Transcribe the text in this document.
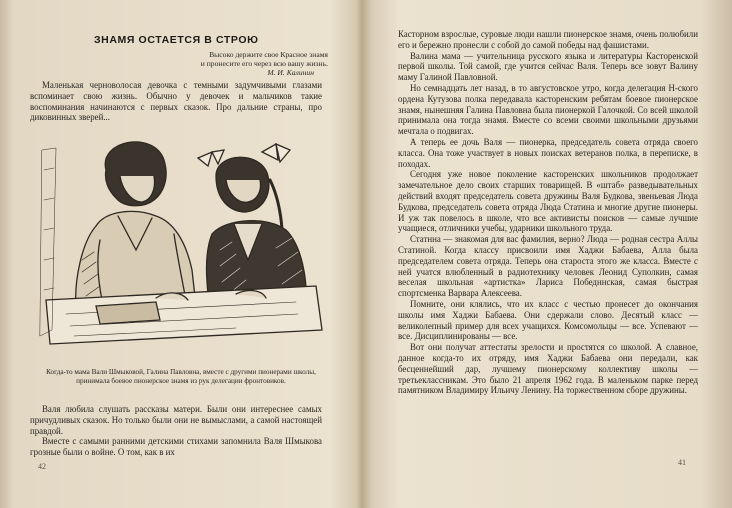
ЗНАМЯ ОСТАЕТСЯ В СТРОЮ
Высоко держите свое Красное знамя
и пронесите его через всю вашу жизнь.
М. И. Калинин

Маленькая черноволосая девочка с темными задумчивыми глазами вспоминает свою жизнь. Обычно у девочек и мальчиков такие воспоминания начинаются с первых сказок. Про дальние страны, про диковинных зверей...

Когда-то мама Вали Шмыковой, Галина Павловна, вместе с другими пионерами школы, принимала боевое пионерское знамя из рук делегации фронтовиков.

Валя любила слушать рассказы матери. Были они интереснее самых причудливых сказок. Но только были они не вымыслами, а самой настоящей правдой.

Вместе с самыми ранними детскими стихами запомнила Валя Шмыкова грозные были о войне. О том, как в их

42

Касторном взрослые, суровые люди нашли пионерское знамя, очень полюбили его и бережно пронесли с собой до самой победы над фашистами.

Валина мама — учительница русского языка и литературы Касторенской первой школы. Той самой, где учится сейчас Валя. Теперь все зовут Валину маму Галиной Павловной.

Но семнадцать лет назад, в то августовское утро, когда делегация Н-ского ордена Кутузова полка передавала касторенским ребятам боевое пионерское знамя, нынешняя Галина Павловна была пионеркой Галочкой. Со всей школой принимала она тогда знамя. Вместе со всеми своими школьными друзьями мечтала о подвигах.

А теперь ее дочь Валя — пионерка, председатель совета отряда своего класса. Она тоже участвует в новых поисках ветеранов полка, в переписке, в походах.

Сегодня уже новое поколение касторенских школьников продолжает замечательное дело своих старших товарищей. В «штаб» разведывательных действий входят председатель совета дружины Валя Будкова, звеньевая Люда Будкова, председатель совета отряда Люда Статина и многие другие пионеры. И уж так повелось в школе, что все активисты поисков — самые лучшие учащиеся, отличники учебы, ударники школьного труда.

Статнна — знакомая для вас фамилия, верно? Люда — родная сестра Аллы Статиной. Когда классу присвоили имя Хаджи Бабаева, Алла была председателем совета отряда. Теперь она староста этого же класса. Вместе с ней учатся влюбленный в радиотехнику человек Леонид Суполкин, самая веселая школьная «артистка» Лариса Победннская, самая быстрая спортсменка Варвара Алексеева.

Помните, они клялись, что их класс с честью пронесет до окончания школы имя Хаджи Бабаева. Они сдержали слово. Десятый класс — великолепный пример для всех учащихся. Комсомольцы — все. Успевают — все. Дисциплинированы — все.

Вот они получат аттестаты зрелости и простятся со школой. А славное, данное когда-то их отряду, имя Хаджи Бабаева они передали, как бесценнейший дар, лучшему пионерскому коллективу школы — третьеклассникам. Это было 21 апреля 1962 года. В маленьком парке перед памятником Владимиру Ильичу Ленину. На торжественном сборе дружины.

41
